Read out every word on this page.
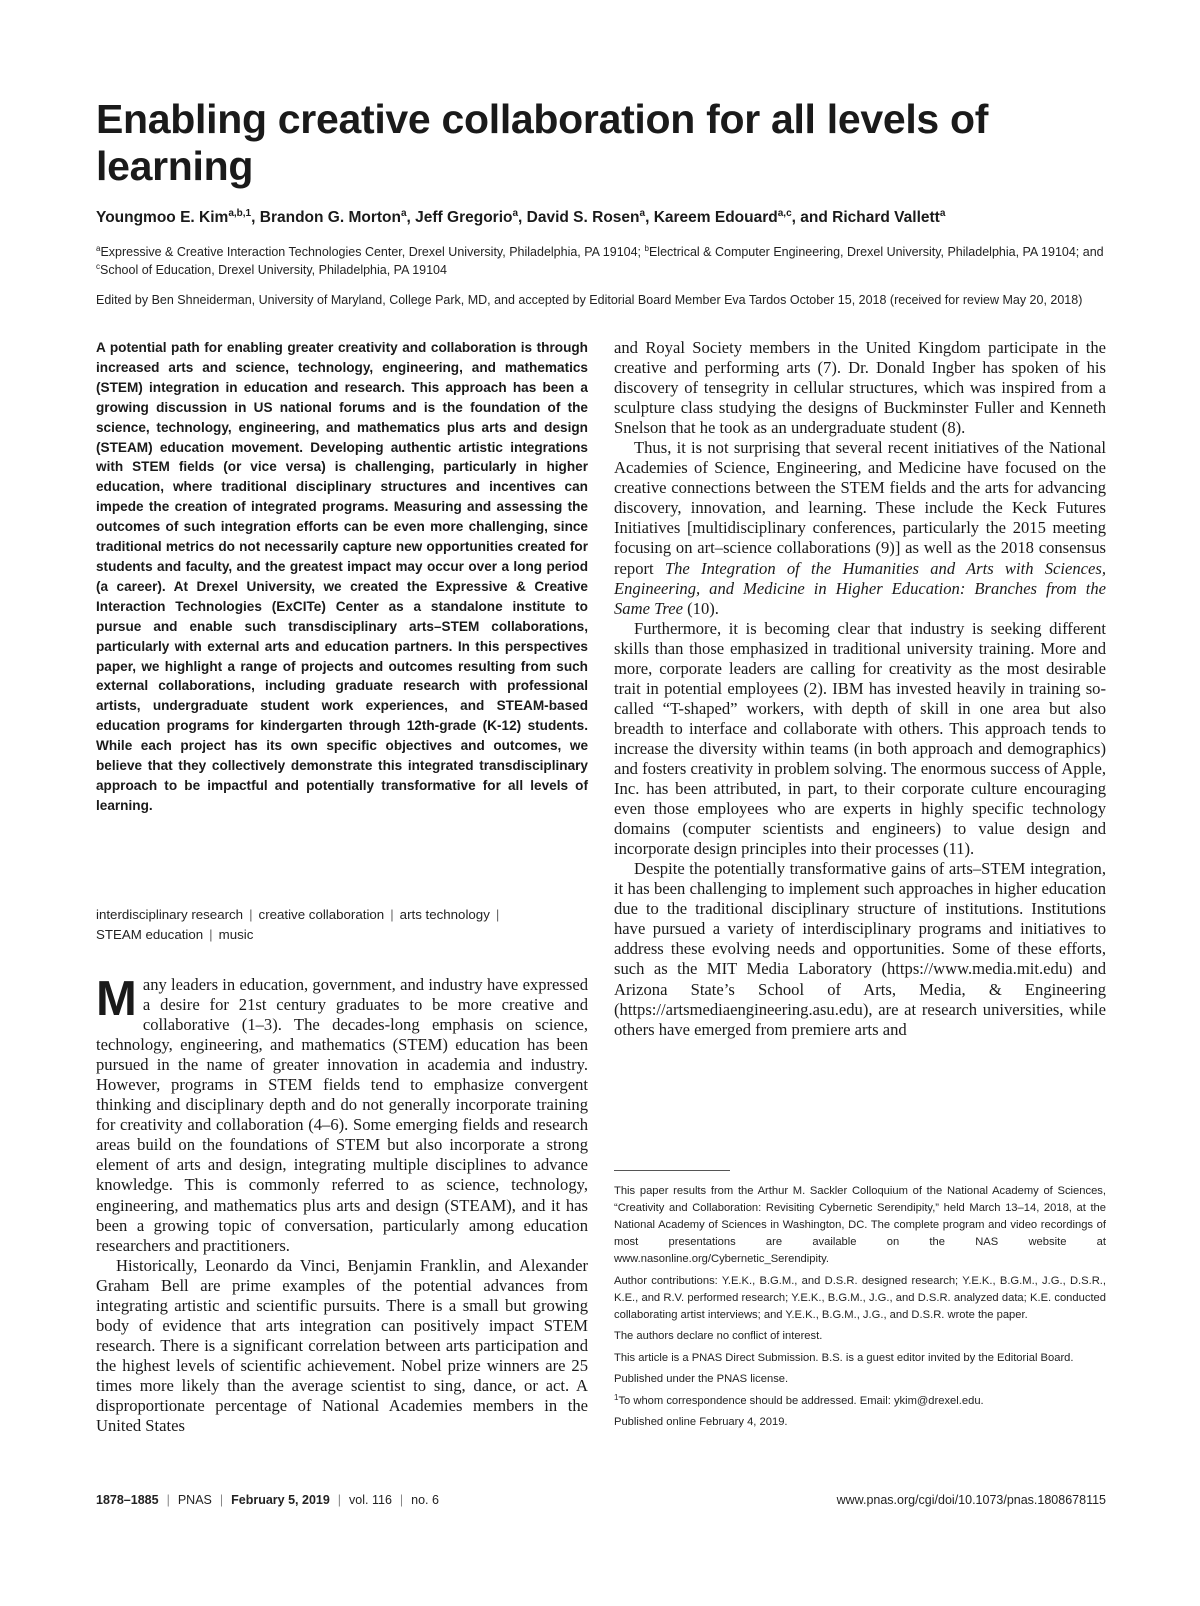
Enabling creative collaboration for all levels of learning
Youngmoo E. Kim$^{a,b,1}$, Brandon G. Morton$^a$, Jeff Gregorio$^a$, David S. Rosen$^a$, Kareem Edouard$^{a,c}$, and Richard Vallett$^a$
$^a$Expressive & Creative Interaction Technologies Center, Drexel University, Philadelphia, PA 19104; $^b$Electrical & Computer Engineering, Drexel University, Philadelphia, PA 19104; and $^c$School of Education, Drexel University, Philadelphia, PA 19104
Edited by Ben Shneiderman, University of Maryland, College Park, MD, and accepted by Editorial Board Member Eva Tardos October 15, 2018 (received for review May 20, 2018)
A potential path for enabling greater creativity and collaboration is through increased arts and science, technology, engineering, and mathematics (STEM) integration in education and research. This approach has been a growing discussion in US national forums and is the foundation of the science, technology, engineering, and mathematics plus arts and design (STEAM) education movement. Developing authentic artistic integrations with STEM fields (or vice versa) is challenging, particularly in higher education, where traditional disciplinary structures and incentives can impede the creation of integrated programs. Measuring and assessing the outcomes of such integration efforts can be even more challenging, since traditional metrics do not necessarily capture new opportunities created for students and faculty, and the greatest impact may occur over a long period (a career). At Drexel University, we created the Expressive & Creative Interaction Technologies (ExCITe) Center as a standalone institute to pursue and enable such transdisciplinary arts–STEM collaborations, particularly with external arts and education partners. In this perspectives paper, we highlight a range of projects and outcomes resulting from such external collaborations, including graduate research with professional artists, undergraduate student work experiences, and STEAM-based education programs for kindergarten through 12th-grade (K-12) students. While each project has its own specific objectives and outcomes, we believe that they collectively demonstrate this integrated transdisciplinary approach to be impactful and potentially transformative for all levels of learning.
interdisciplinary research | creative collaboration | arts technology |
STEAM education | music

Many leaders in education, government, and industry have expressed a desire for 21st century graduates to be more creative and collaborative (1–3). The decades-long emphasis on science, technology, engineering, and mathematics (STEM) education has been pursued in the name of greater innovation in academia and industry. However, programs in STEM fields tend to emphasize convergent thinking and disciplinary depth and do not generally incorporate training for creativity and collaboration (4–6). Some emerging fields and research areas build on the foundations of STEM but also incorporate a strong element of arts and design, integrating multiple disciplines to advance knowledge. This is commonly referred to as science, technology, engineering, and mathematics plus arts and design (STEAM), and it has been a growing topic of conversation, particularly among education researchers and practitioners.

Historically, Leonardo da Vinci, Benjamin Franklin, and Alexander Graham Bell are prime examples of the potential advances from integrating artistic and scientific pursuits. There is a small but growing body of evidence that arts integration can positively impact STEM research. There is a significant correlation between arts participation and the highest levels of scientific achievement. Nobel prize winners are 25 times more likely than the average scientist to sing, dance, or act. A disproportionate percentage of National Academies members in the United States

and Royal Society members in the United Kingdom participate in the creative and performing arts (7). Dr. Donald Ingber has spoken of his discovery of tensegrity in cellular structures, which was inspired from a sculpture class studying the designs of Buckminster Fuller and Kenneth Snelson that he took as an undergraduate student (8).

Thus, it is not surprising that several recent initiatives of the National Academies of Science, Engineering, and Medicine have focused on the creative connections between the STEM fields and the arts for advancing discovery, innovation, and learning. These include the Keck Futures Initiatives [multidisciplinary conferences, particularly the 2015 meeting focusing on art–science collaborations (9)] as well as the 2018 consensus report The Integration of the Humanities and Arts with Sciences, Engineering, and Medicine in Higher Education: Branches from the Same Tree (10).

Furthermore, it is becoming clear that industry is seeking different skills than those emphasized in traditional university training. More and more, corporate leaders are calling for creativity as the most desirable trait in potential employees (2). IBM has invested heavily in training so-called “T-shaped” workers, with depth of skill in one area but also breadth to interface and collaborate with others. This approach tends to increase the diversity within teams (in both approach and demographics) and fosters creativity in problem solving. The enormous success of Apple, Inc. has been attributed, in part, to their corporate culture encouraging even those employees who are experts in highly specific technology domains (computer scientists and engineers) to value design and incorporate design principles into their processes (11).

Despite the potentially transformative gains of arts–STEM integration, it has been challenging to implement such approaches in higher education due to the traditional disciplinary structure of institutions. Institutions have pursued a variety of interdisciplinary programs and initiatives to address these evolving needs and opportunities. Some of these efforts, such as the MIT Media Laboratory (https://www.media.mit.edu) and Arizona State’s School of Arts, Media, & Engineering (https://artsmediaengineering.asu.edu), are at research universities, while others have emerged from premiere arts and

This paper results from the Arthur M. Sackler Colloquium of the National Academy of Sciences, “Creativity and Collaboration: Revisiting Cybernetic Serendipity,” held March 13–14, 2018, at the National Academy of Sciences in Washington, DC. The complete program and video recordings of most presentations are available on the NAS website at www.nasonline.org/Cybernetic_Serendipity.

Author contributions: Y.E.K., B.G.M., and D.S.R. designed research; Y.E.K., B.G.M., J.G., D.S.R., K.E., and R.V. performed research; Y.E.K., B.G.M., J.G., and D.S.R. analyzed data; K.E. conducted collaborating artist interviews; and Y.E.K., B.G.M., J.G., and D.S.R. wrote the paper.

The authors declare no conflict of interest.

This article is a PNAS Direct Submission. B.S. is a guest editor invited by the Editorial Board.

Published under the PNAS license.

$^1$To whom correspondence should be addressed. Email: ykim@drexel.edu.

Published online February 4, 2019.

1878–1885 | PNAS | February 5, 2019 | vol. 116 | no. 6	www.pnas.org/cgi/doi/10.1073/pnas.1808678115
